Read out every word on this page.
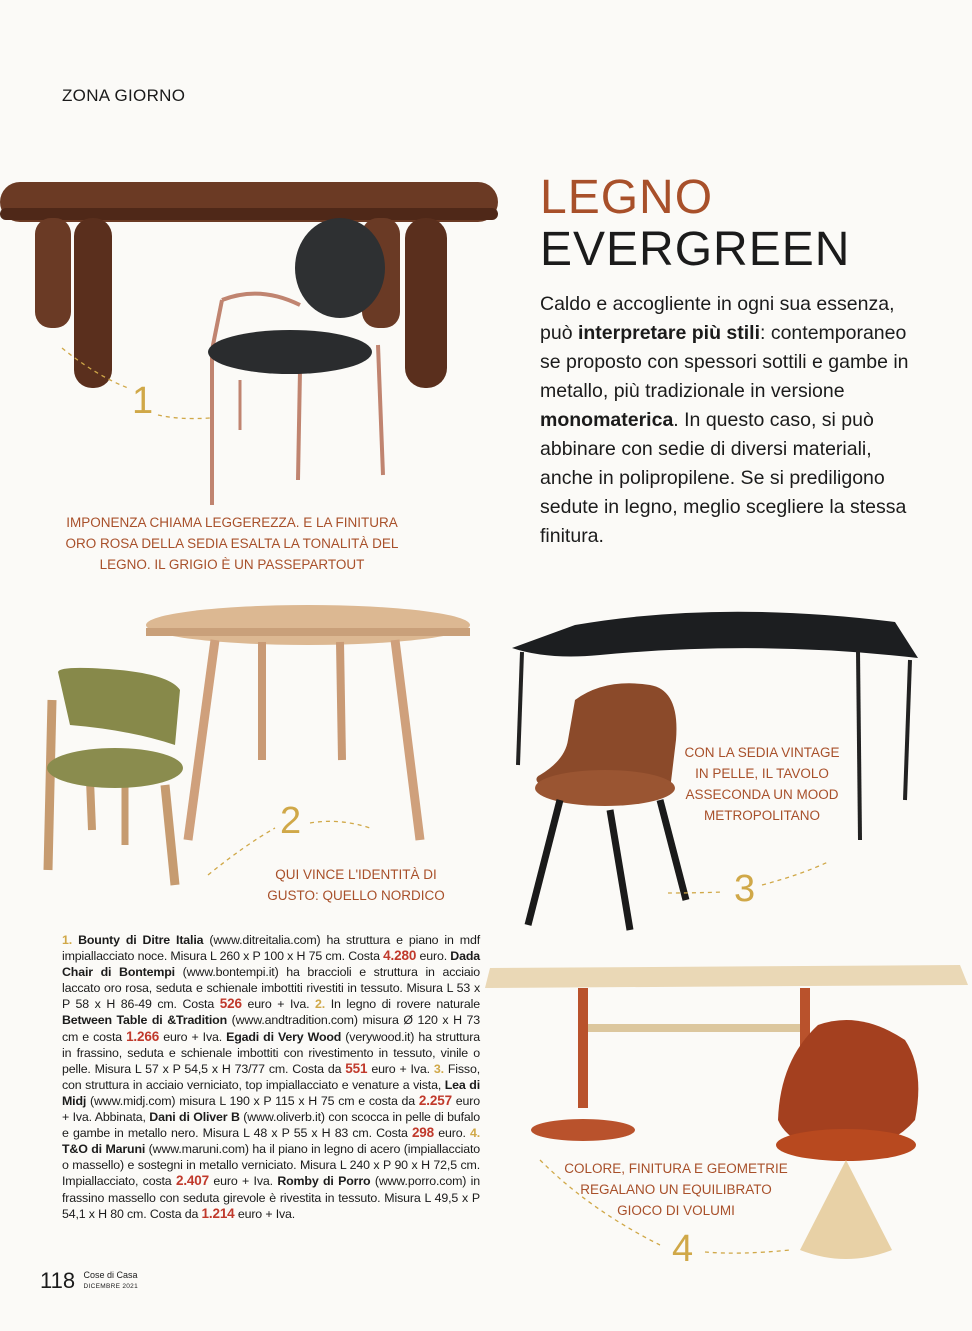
ZONA GIORNO
LEGNO
EVERGREEN
Caldo e accogliente in ogni sua essenza, può interpretare più stili: contemporaneo se proposto con spessori sottili e gambe in metallo, più tradizionale in versione monomaterica. In questo caso, si può abbinare con sedie di diversi materiali, anche in polipropilene. Se si prediligono sedute in legno, meglio scegliere la stessa finitura.
IMPONENZA CHIAMA LEGGEREZZA. E LA FINITURA ORO ROSA DELLA SEDIA ESALTA LA TONALITÀ DEL LEGNO. IL GRIGIO È UN PASSEPARTOUT
QUI VINCE L'IDENTITÀ DI GUSTO: QUELLO NORDICO
CON LA SEDIA VINTAGE IN PELLE, IL TAVOLO ASSECONDA UN MOOD METROPOLITANO
COLORE, FINITURA E GEOMETRIE REGALANO UN EQUILIBRATO GIOCO DI VOLUMI
1
2
3
4
1. Bounty di Ditre Italia (www.ditreitalia.com) ha struttura e piano in mdf impiallacciato noce. Misura L 260 x P 100 x H 75 cm. Costa 4.280 euro. Dada Chair di Bontempi (www.bontempi.it) ha braccioli e struttura in acciaio laccato oro rosa, seduta e schienale imbottiti rivestiti in tessuto. Misura L 53 x P 58 x H 86-49 cm. Costa 526 euro + Iva. 2. In legno di rovere naturale Between Table di &Tradition (www.andtradition.com) misura Ø 120 x H 73 cm e costa 1.266 euro + Iva. Egadi di Very Wood (verywood.it) ha struttura in frassino, seduta e schienale imbottiti con rivestimento in tessuto, vinile o pelle. Misura L 57 x P 54,5 x H 73/77 cm. Costa da 551 euro + Iva. 3. Fisso, con struttura in acciaio verniciato, top impiallacciato e venature a vista, Lea di Midj (www.midj.com) misura L 190 x P 115 x H 75 cm e costa da 2.257 euro + Iva. Abbinata, Dani di Oliver B (www.oliverb.it) con scocca in pelle di bufalo e gambe in metallo nero. Misura L 48 x P 55 x H 83 cm. Costa 298 euro. 4. T&O di Maruni (www.maruni.com) ha il piano in legno di acero (impiallacciato o massello) e sostegni in metallo verniciato. Misura L 240 x P 90 x H 72,5 cm. Impiallacciato, costa 2.407 euro + Iva. Romby di Porro (www.porro.com) in frassino massello con seduta girevole è rivestita in tessuto. Misura L 49,5 x P 54,1 x H 80 cm. Costa da 1.214 euro + Iva.
118 Cose di Casa
DICEMBRE 2021
